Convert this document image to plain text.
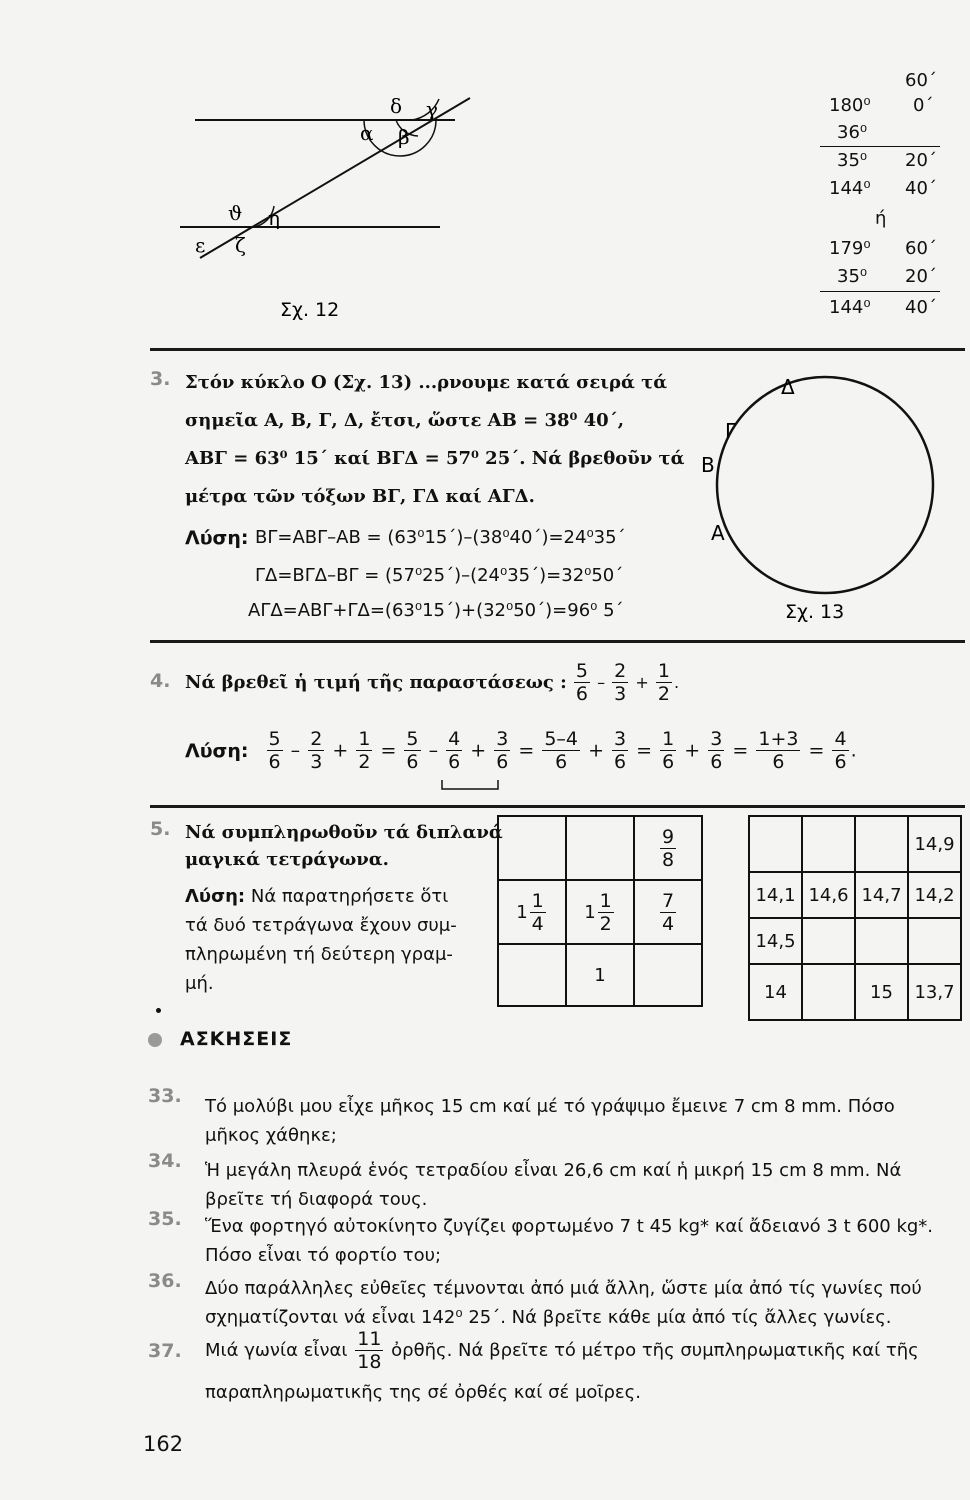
δ γ
α β
ϑ η
ε ζ
Σχ. 12
60΄
180⁰ 0΄
36⁰
35⁰ 20΄
144⁰ 40΄
ή
179⁰ 60΄
35⁰ 20΄
144⁰ 40΄
3. Στόν κύκλο Ο (Σχ. 13) ...ρνουμε κατά σειρά τά
σημεῖα Α, Β, Γ, Δ, ἔτσι, ὥστε ΑΒ = 38⁰ 40΄,
ΑΒΓ = 63⁰ 15΄ καί ΒΓΔ = 57⁰ 25΄. Νά βρεθοῦν τά
μέτρα τῶν τόξων ΒΓ, ΓΔ καί ΑΓΔ.
Λύση: ΒΓ=ΑΒΓ–ΑΒ = (63⁰15΄)–(38⁰40΄)=24⁰35΄
ΓΔ=ΒΓΔ–ΒΓ = (57⁰25΄)–(24⁰35΄)=32⁰50΄
ΑΓΔ=ΑΒΓ+ΓΔ=(63⁰15΄)+(32⁰50΄)=96⁰ 5΄
Δ
Γ
Β
Α
Σχ. 13
4. Νά βρεθεῖ ἡ τιμή τῆς παραστάσεως : $\frac{5}{6} - \frac{2}{3} + \frac{1}{2}$ .
Λύση: $\frac{5}{6} - \frac{2}{3} + \frac{1}{2} = \frac{5}{6} - \frac{4}{6} + \frac{3}{6} = \frac{5-4}{6} + \frac{3}{6} = \frac{1}{6} + \frac{3}{6} = \frac{1+3}{6} = \frac{4}{6}$ .
5. Νά συμπληρωθοῦν τά διπλανά
μαγικά τετράγωνα.
Λύση: Νά παρατηρήσετε ὅτι
τά δυό τετράγωνα ἔχουν συμ-
πληρωμένη τή δεύτερη γραμ-
μή.

		$\frac{9}{8}$

$1 \frac{1}{4}$	$1 \frac{1}{2}$	$\frac{7}{4}$

	1	
			14,9
14,1	14,6	14,7	14,2
14,5			
14		15	13,7
ΑΣΚΗΣΕΙΣ
33. Τό μολύβι μου εἶχε μῆκος 15 cm καί μέ τό γράψιμο ἔμεινε 7 cm 8 mm. Πόσο
μῆκος χάθηκε;
34. Ἡ μεγάλη πλευρά ἑνός τετραδίου εἶναι 26,6 cm καί ἡ μικρή 15 cm 8 mm. Νά
βρεῖτε τή διαφορά τους.
35. Ἕνα φορτηγό αὐτοκίνητο ζυγίζει φορτωμένο 7 t 45 kg* καί ἄδειανό 3 t 600 kg*.
Πόσο εἶναι τό φορτίο του;
36. Δύο παράλληλες εὐθεῖες τέμνονται ἀπό μιά ἄλλη, ὥστε μία ἀπό τίς γωνίες πού
σχηματίζονται νά εἶναι 142⁰ 25΄. Νά βρεῖτε κάθε μία ἀπό τίς ἄλλες γωνίες.
37. Μιά γωνία εἶναι $\frac{11}{18}$ ὀρθῆς. Νά βρεῖτε τό μέτρο τῆς συμπληρωματικῆς καί τῆς
παραπληρωματικῆς της σέ ὀρθές καί σέ μοῖρες.
162
